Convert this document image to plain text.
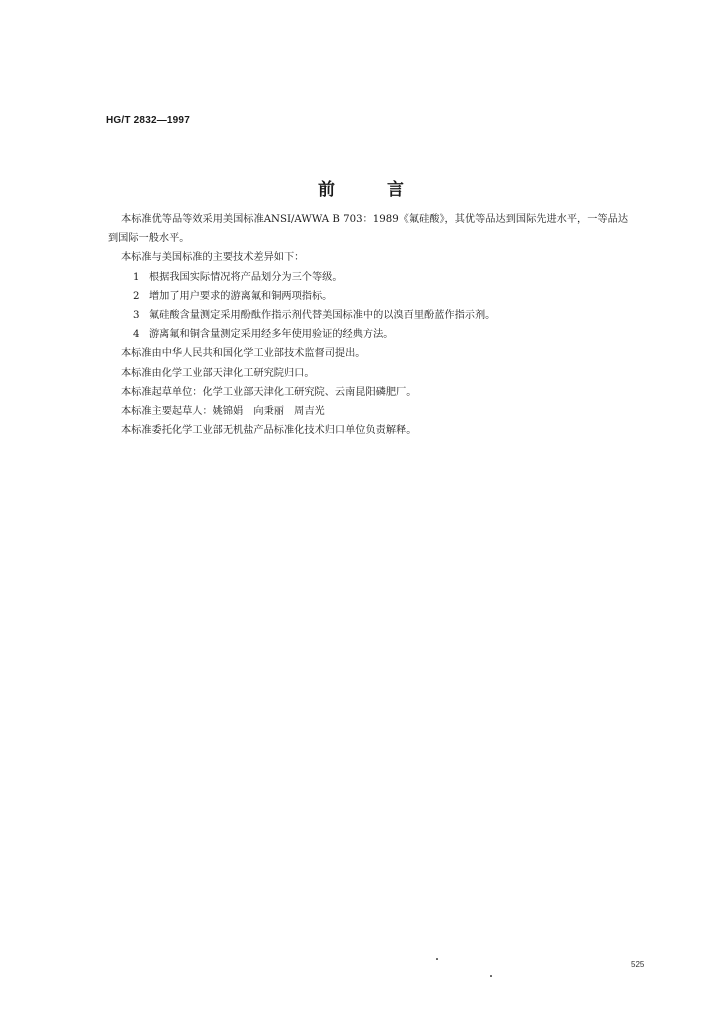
HG/T 2832—1997
前	言

本标准优等品等效采用美国标准ANSI/AWWA B 703：1989《氟硅酸》，其优等品达到国际先进水平，一等品达到国际一般水平。

本标准与美国标准的主要技术差异如下：

1 根据我国实际情况将产品划分为三个等级。

2 增加了用户要求的游离氟和铜两项指标。

3 氟硅酸含量测定采用酚酞作指示剂代替美国标准中的以溴百里酚蓝作指示剂。

4 游离氟和铜含量测定采用经多年使用验证的经典方法。

本标准由中华人民共和国化学工业部技术监督司提出。

本标准由化学工业部天津化工研究院归口。

本标准起草单位：化学工业部天津化工研究院、云南昆阳磷肥厂。

本标准主要起草人：姚锦娟　向秉丽　周吉光

本标准委托化学工业部无机盐产品标准化技术归口单位负责解释。

525
